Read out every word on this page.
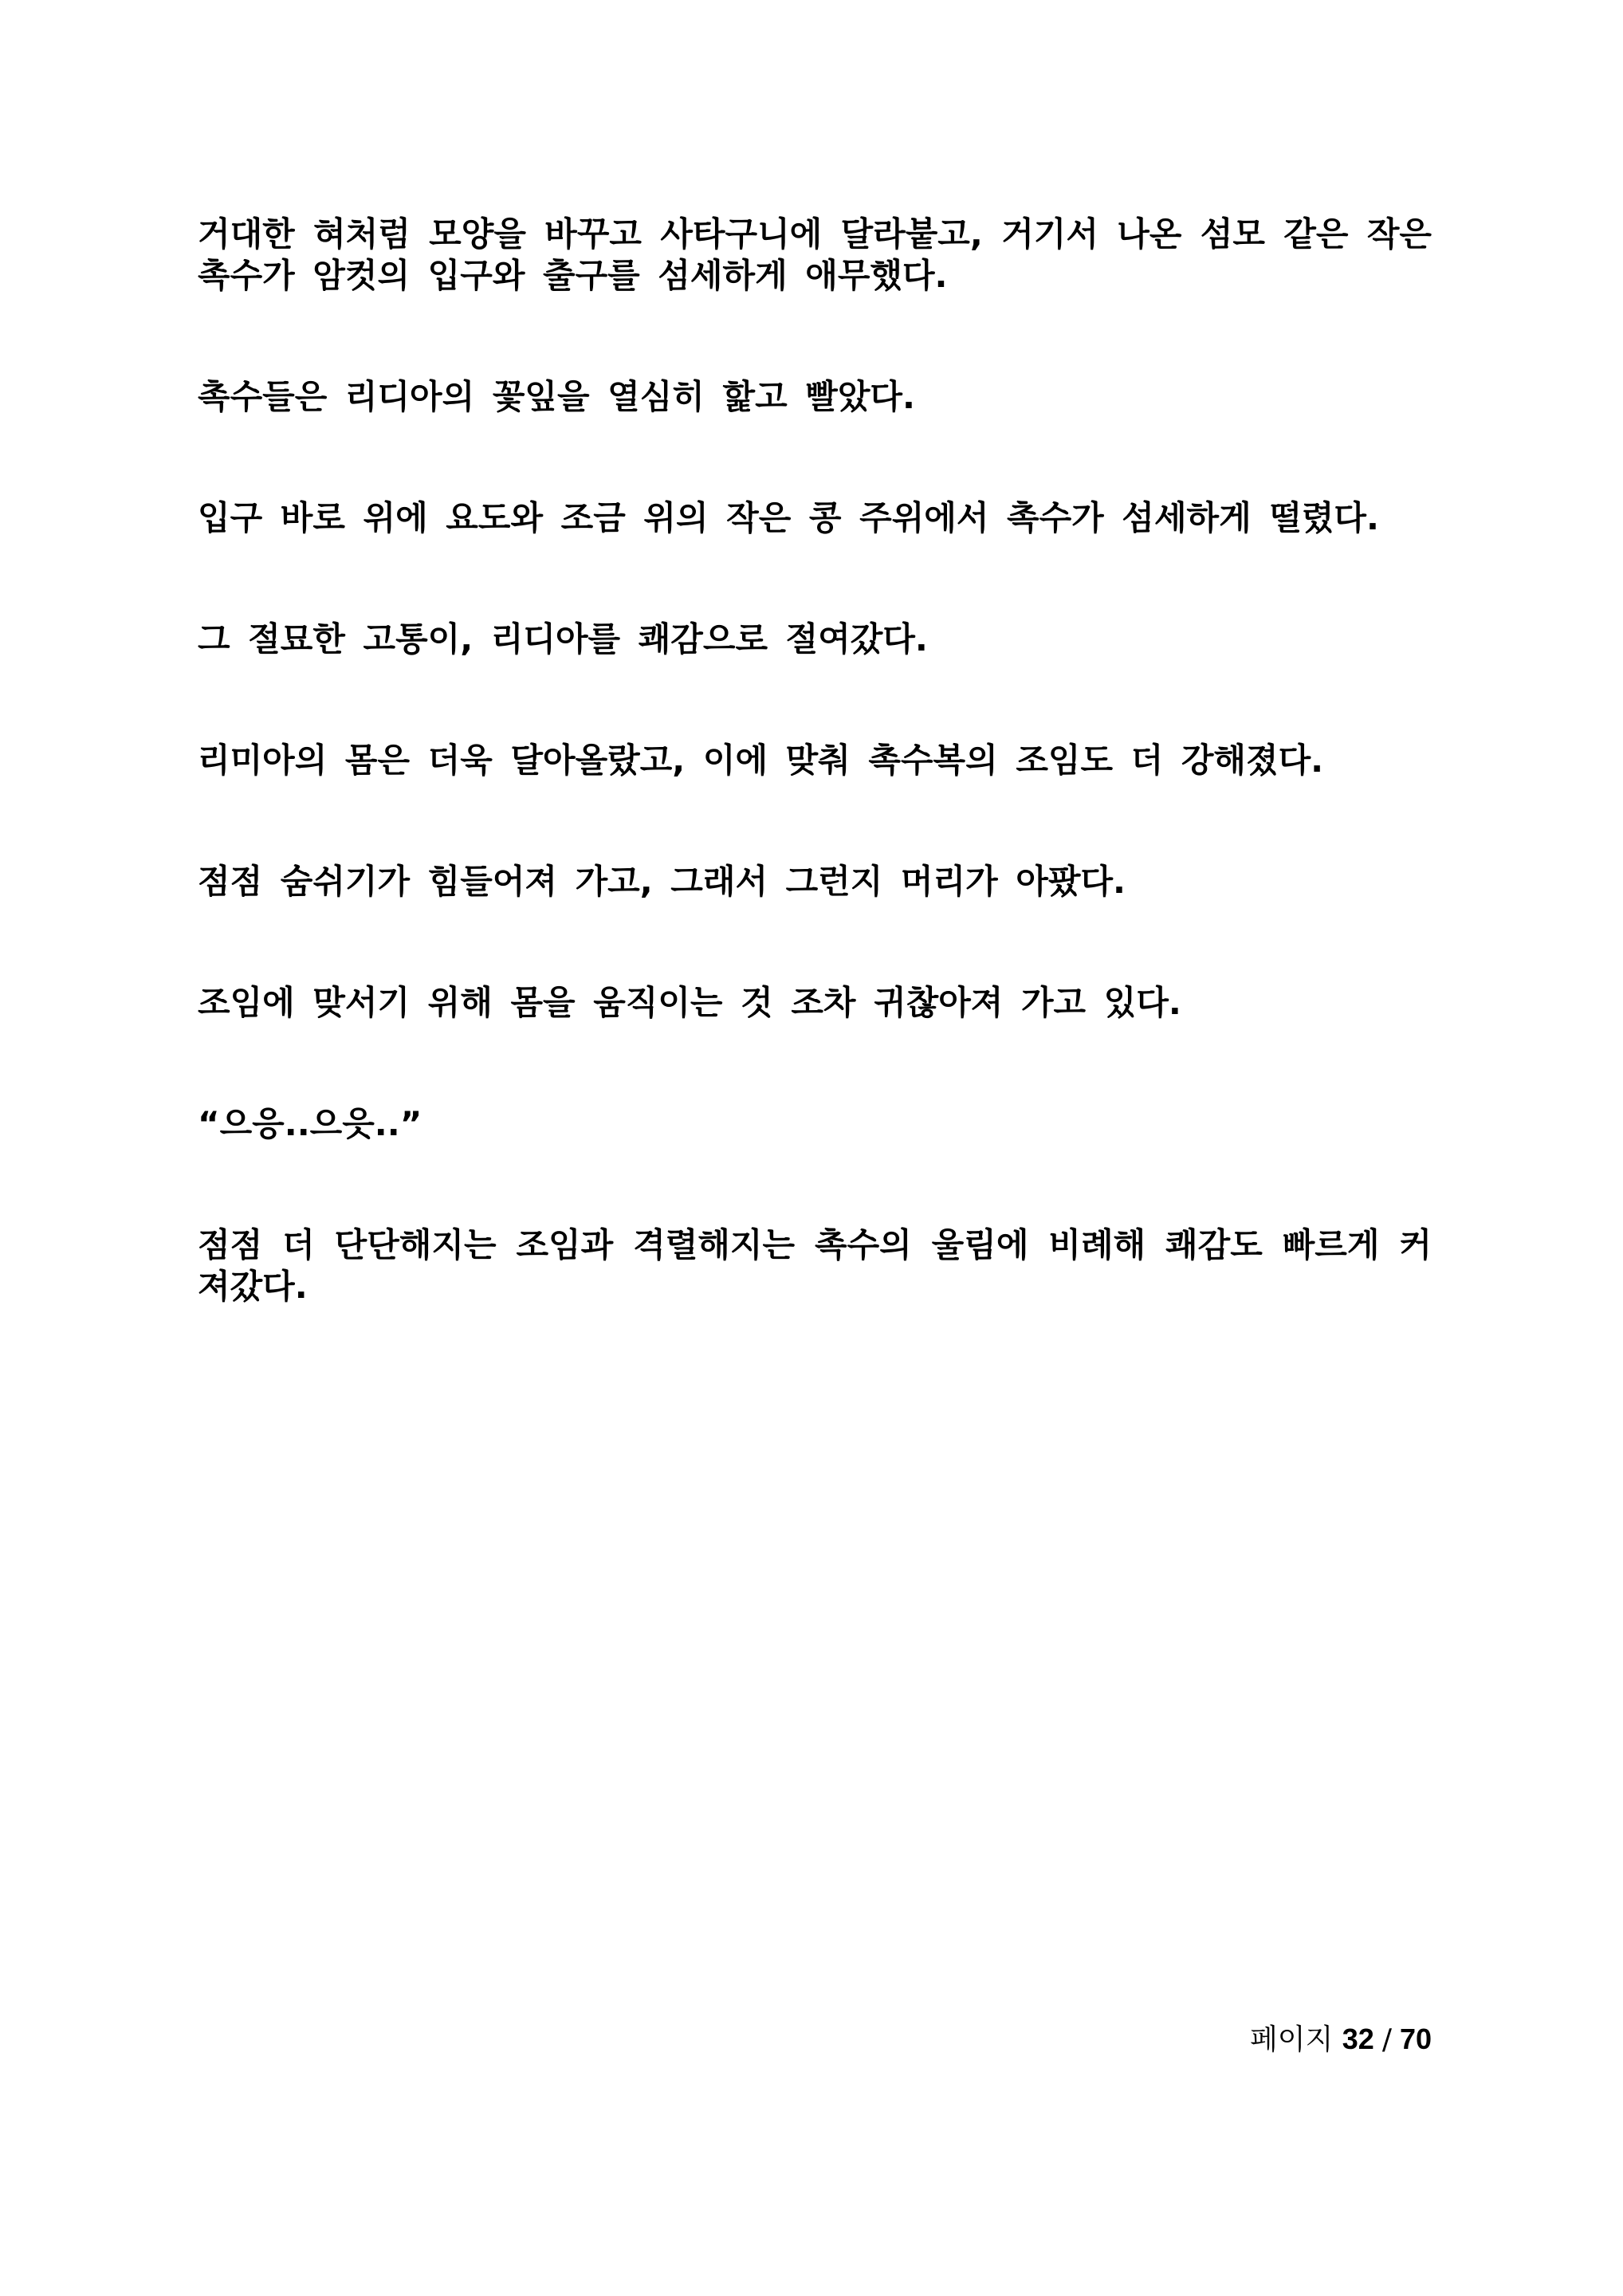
거대한 혀처럼 모양을 바꾸고 사타구니에 달라붙고, 거기서 나온 섬모 같은 작은 촉수가 암컷의 입구와 출구를 섬세하게 애무했다.

촉수들은 리디아의 꽃잎을 열심히 핥고 빨았다.

입구 바로 위에 요도와 조금 위의 작은 콩 주위에서 촉수가 섬세하게 떨렸다.

그 절묘한 고통이, 리디아를 쾌감으로 절여갔다.

리미아의 몸은 더욱 달아올랐고, 이에 맞춰 촉수복의 조임도 더 강해졌다.

점점 숨쉬기가 힘들어져 가고, 그래서 그런지 머리가 아팠다.

조임에 맞서기 위해 몸을 움직이는 것 조차 귀찮아져 가고 있다.

“으응..으읏..”

점점 더 단단해지는 조임과 격렬해지는 촉수의 울림에 비례해 쾌감도 빠르게 커져갔다.

페이지 32 / 70
